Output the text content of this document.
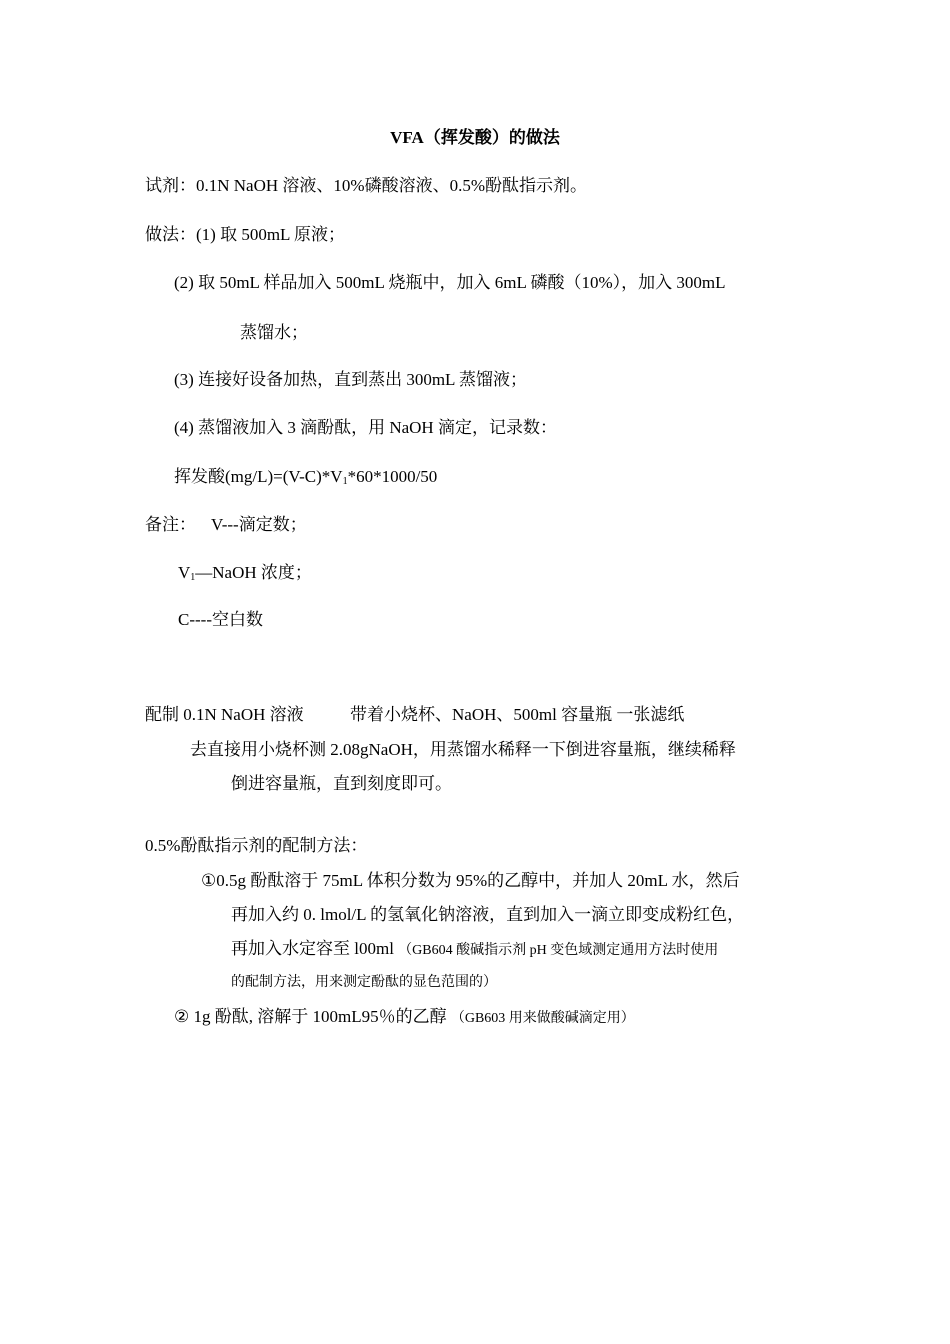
VFA（挥发酸）的做法
试剂：0.1N NaOH 溶液、10%磷酸溶液、0.5%酚酞指示剂。
做法：(1) 取 500mL 原液；
(2) 取 50mL 样品加入 500mL 烧瓶中，加入 6mL 磷酸（10%），加入 300mL
蒸馏水；
(3) 连接好设备加热，直到蒸出 300mL 蒸馏液；
(4) 蒸馏液加入 3 滴酚酞，用 NaOH 滴定，记录数：
挥发酸$(mg/L)=(V-C)*V_1*60*1000/50$
备注： V---滴定数；
$V_1—NaOH$ 浓度；
C----空白数
配制 0.1N NaOH 溶液	带着小烧杯、NaOH、500ml 容量瓶 一张滤纸
去直接用小烧杯测 2.08gNaOH，用蒸馏水稀释一下倒进容量瓶，继续稀释
倒进容量瓶，直到刻度即可。
0.5%酚酞指示剂的配制方法：
①0.5g 酚酞溶于 75mL 体积分数为 95%的乙醇中，并加人 20mL 水，然后
再加入约 0. lmol/L 的氢氧化钠溶液，直到加入一滴立即变成粉红色，
再加入水定容至 l00ml （GB604 酸碱指示剂 pH 变色域测定通用方法时使用
的配制方法，用来测定酚酞的显色范围的）
② 1g 酚酞, 溶解于 100mL95％的乙醇 （GB603 用来做酸碱滴定用）
